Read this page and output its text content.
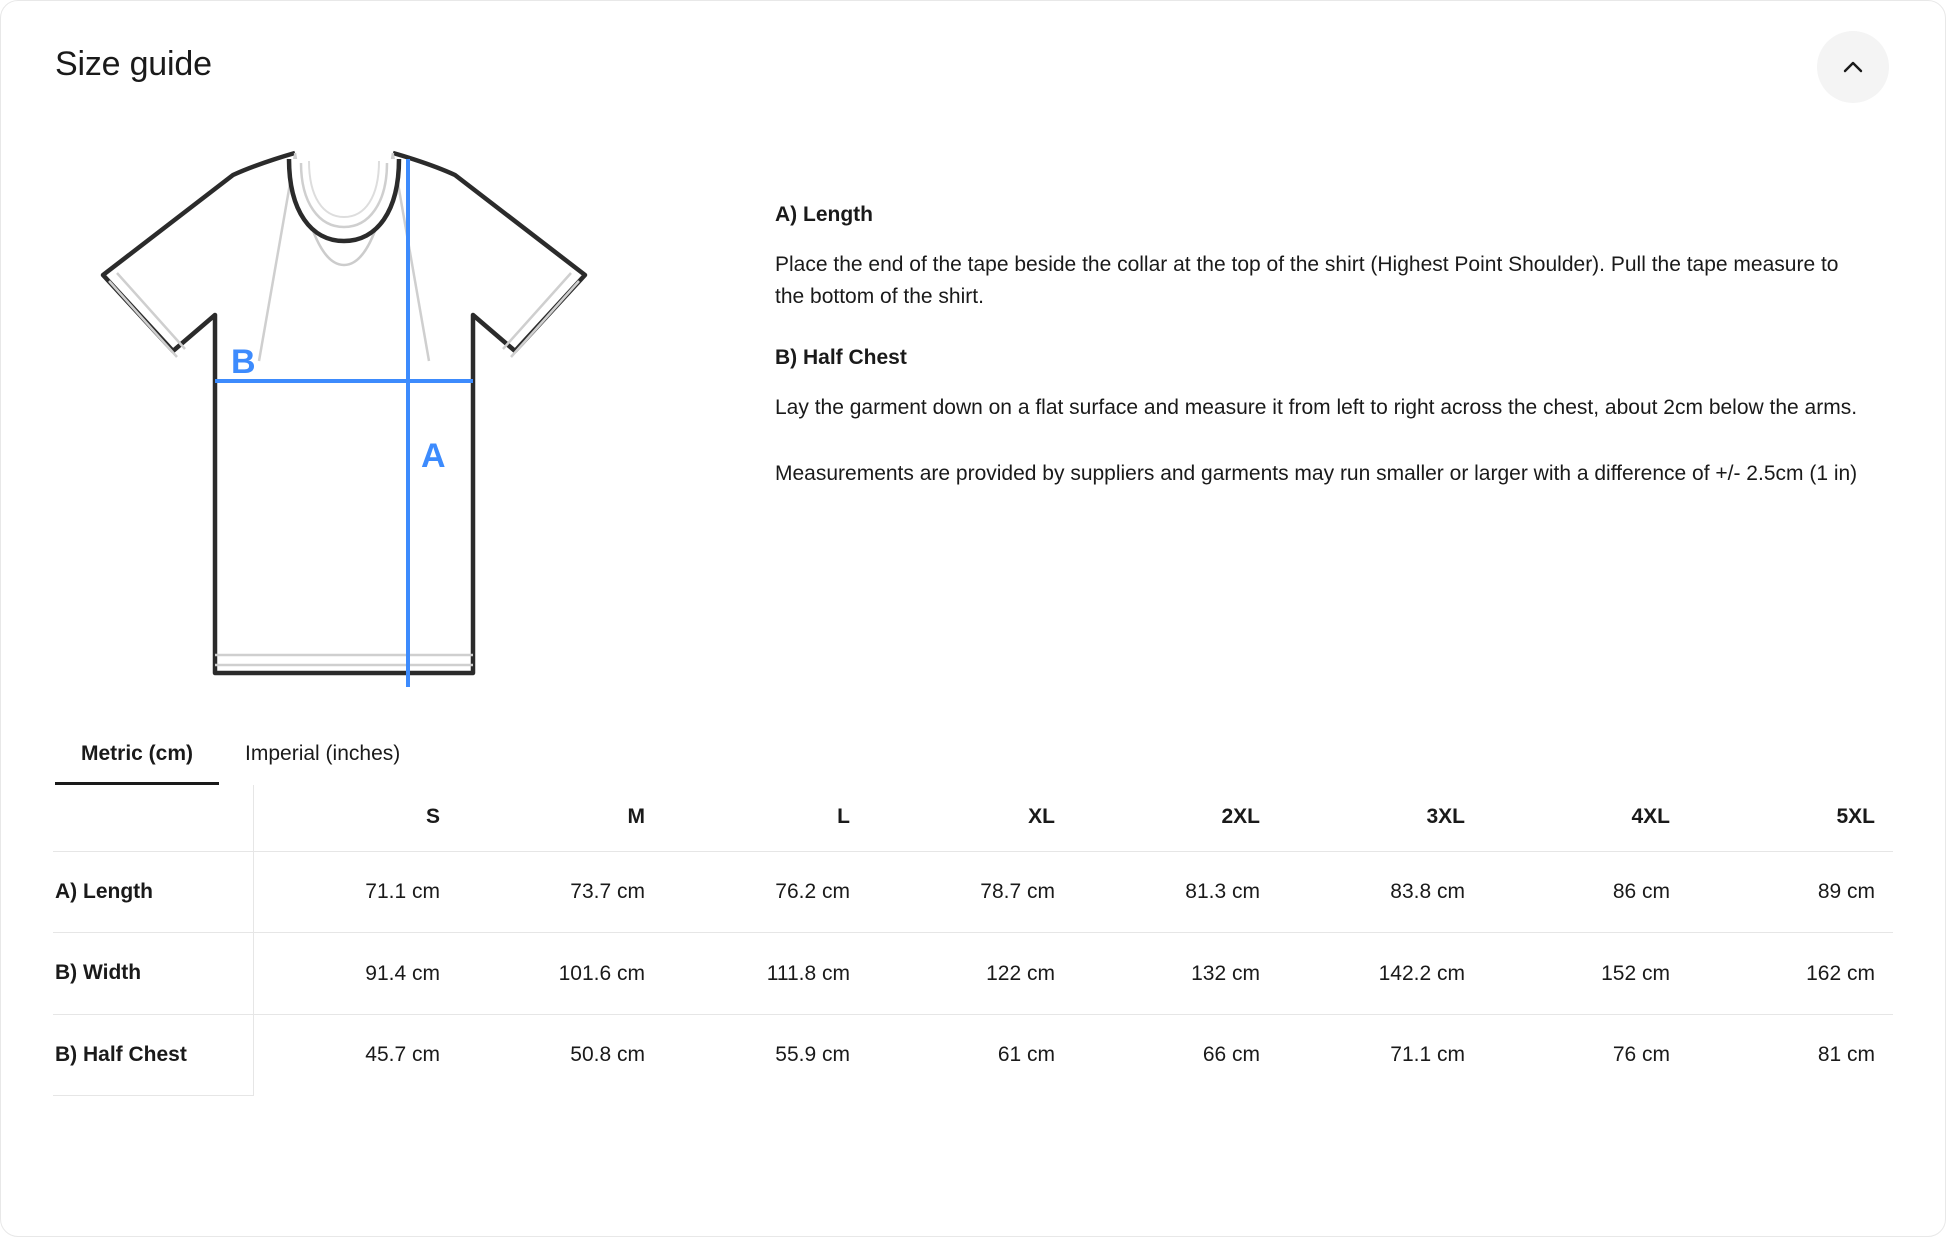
Size guide
B
A
A) Length

Place the end of the tape beside the collar at the top of the shirt (Highest Point Shoulder). Pull the tape measure to the bottom of the shirt.

B) Half Chest

Lay the garment down on a flat surface and measure it from left to right across the chest, about 2cm below the arms.

Measurements are provided by suppliers and garments may run smaller or larger with a difference of +/- 2.5cm (1 in)

Metric (cm)	Imperial (inches)
	S	M	L	XL	2XL	3XL	4XL	5XL
A) Length	71.1 cm	73.7 cm	76.2 cm	78.7 cm	81.3 cm	83.8 cm	86 cm	89 cm
B) Width	91.4 cm	101.6 cm	111.8 cm	122 cm	132 cm	142.2 cm	152 cm	162 cm
B) Half Chest	45.7 cm	50.8 cm	55.9 cm	61 cm	66 cm	71.1 cm	76 cm	81 cm
